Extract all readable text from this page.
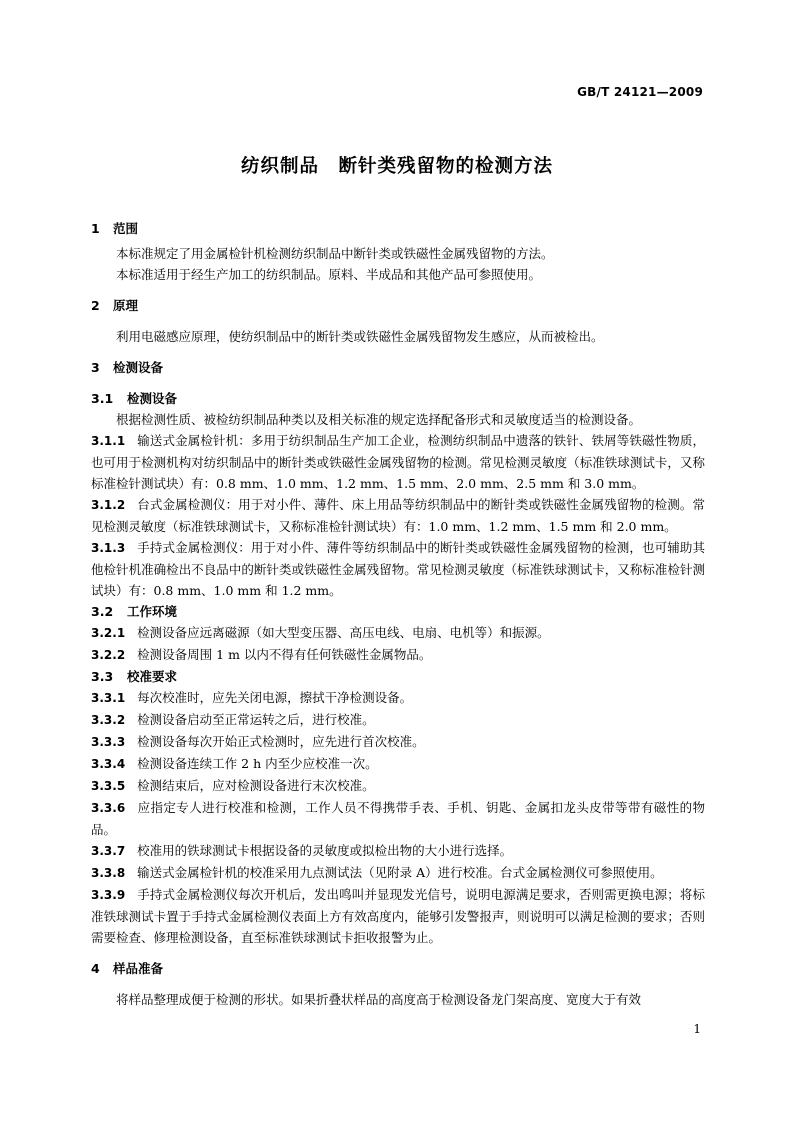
GB/T 24121—2009
纺织制品　断针类残留物的检测方法
1	范围

本标准规定了用金属检针机检测纺织制品中断针类或铁磁性金属残留物的方法。

本标准适用于经生产加工的纺织制品。原料、半成品和其他产品可参照使用。

2	原理

利用电磁感应原理，使纺织制品中的断针类或铁磁性金属残留物发生感应，从而被检出。

3	检测设备
3.1	检测设备

根据检测性质、被检纺织制品种类以及相关标准的规定选择配备形式和灵敏度适当的检测设备。

3.1.1 输送式金属检针机：多用于纺织制品生产加工企业，检测纺织制品中遗落的铁针、铁屑等铁磁性物质，也可用于检测机构对纺织制品中的断针类或铁磁性金属残留物的检测。常见检测灵敏度（标准铁球测试卡，又称标准检针测试块）有：0.8 mm、1.0 mm、1.2 mm、1.5 mm、2.0 mm、2.5 mm 和 3.0 mm。

3.1.2 台式金属检测仪：用于对小件、薄件、床上用品等纺织制品中的断针类或铁磁性金属残留物的检测。常见检测灵敏度（标准铁球测试卡，又称标准检针测试块）有：1.0 mm、1.2 mm、1.5 mm 和 2.0 mm。

3.1.3 手持式金属检测仪：用于对小件、薄件等纺织制品中的断针类或铁磁性金属残留物的检测，也可辅助其他检针机准确检出不良品中的断针类或铁磁性金属残留物。常见检测灵敏度（标准铁球测试卡，又称标准检针测试块）有：0.8 mm、1.0 mm 和 1.2 mm。

3.2	工作环境

3.2.1 检测设备应远离磁源（如大型变压器、高压电线、电扇、电机等）和振源。

3.2.2 检测设备周围 1 m 以内不得有任何铁磁性金属物品。

3.3	校准要求

3.3.1 每次校准时，应先关闭电源，擦拭干净检测设备。

3.3.2 检测设备启动至正常运转之后，进行校准。

3.3.3 检测设备每次开始正式检测时，应先进行首次校准。

3.3.4 检测设备连续工作 2 h 内至少应校准一次。

3.3.5 检测结束后，应对检测设备进行末次校准。

3.3.6 应指定专人进行校准和检测，工作人员不得携带手表、手机、钥匙、金属扣龙头皮带等带有磁性的物品。

3.3.7 校准用的铁球测试卡根据设备的灵敏度或拟检出物的大小进行选择。

3.3.8 输送式金属检针机的校准采用九点测试法（见附录 A）进行校准。台式金属检测仪可参照使用。

3.3.9 手持式金属检测仪每次开机后，发出鸣叫并显现发光信号，说明电源满足要求，否则需更换电源；将标准铁球测试卡置于手持式金属检测仪表面上方有效高度内，能够引发警报声，则说明可以满足检测的要求；否则需要检查、修理检测设备，直至标准铁球测试卡拒收报警为止。

4	样品准备

将样品整理成便于检测的形状。如果折叠状样品的高度高于检测设备龙门架高度、宽度大于有效

1
